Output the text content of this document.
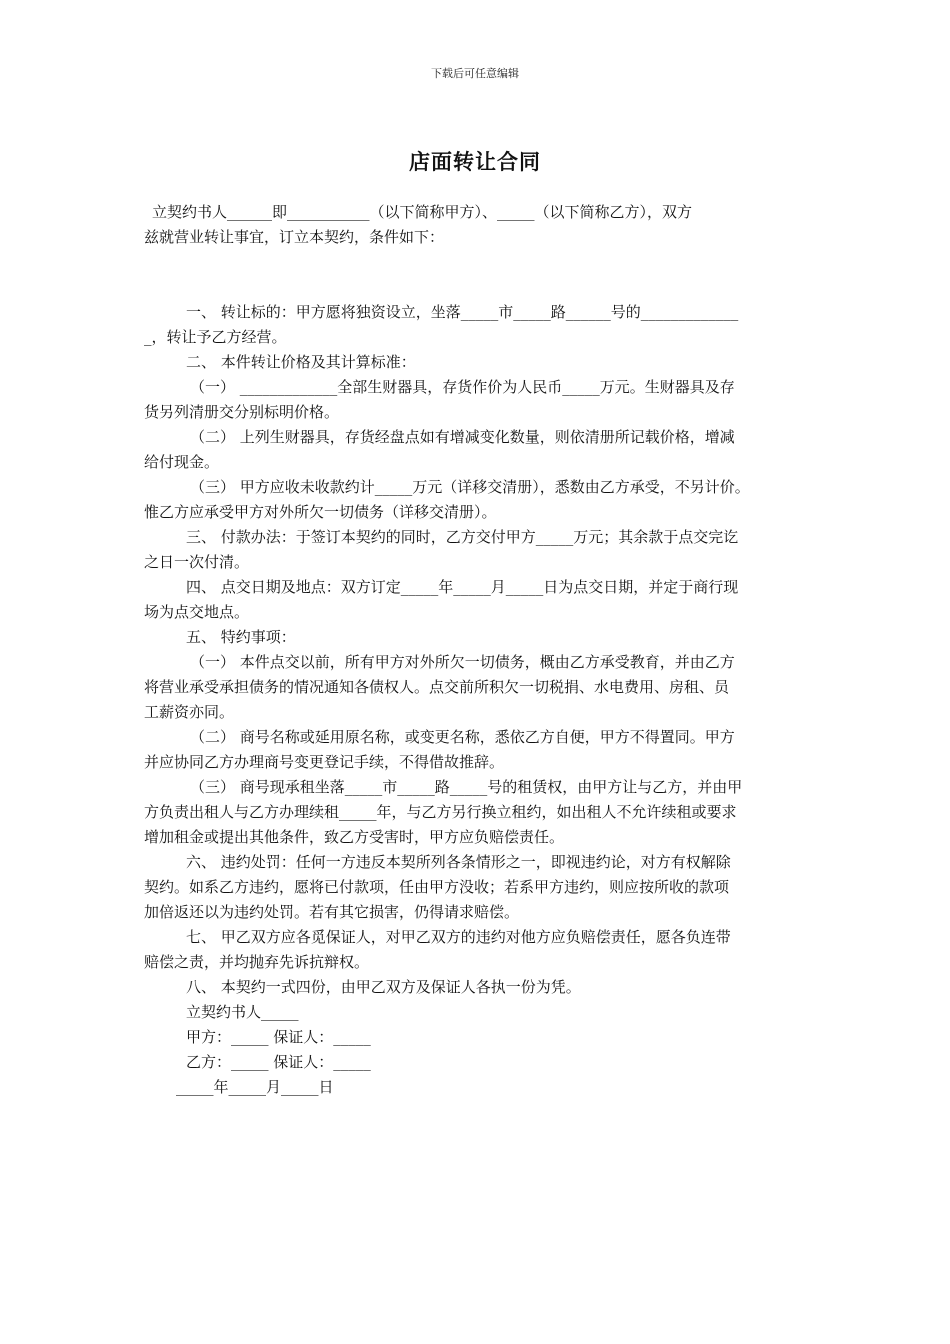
下载后可任意编辑
店面转让合同
立契约书人______即___________（以下简称甲方）、_____（以下简称乙方），双方
兹就营业转让事宜，订立本契约，条件如下：
一、 转让标的：甲方愿将独资设立，坐落_____市_____路______号的_____________
_，转让予乙方经营。
二、 本件转让价格及其计算标准：
（一） _____________全部生财器具，存货作价为人民币_____万元。生财器具及存
货另列清册交分别标明价格。
（二） 上列生财器具，存货经盘点如有增减变化数量，则依清册所记载价格，增减
给付现金。
（三） 甲方应收未收款约计_____万元（详移交清册），悉数由乙方承受，不另计价。
惟乙方应承受甲方对外所欠一切债务（详移交清册）。
三、 付款办法：于签订本契约的同时，乙方交付甲方_____万元；其余款于点交完讫
之日一次付清。
四、 点交日期及地点：双方订定_____年_____月_____日为点交日期，并定于商行现
场为点交地点。
五、 特约事项：
（一） 本件点交以前，所有甲方对外所欠一切债务，概由乙方承受教育，并由乙方
将营业承受承担债务的情况通知各债权人。点交前所积欠一切税捐、水电费用、房租、员
工薪资亦同。
（二） 商号名称或延用原名称，或变更名称，悉依乙方自便，甲方不得置同。甲方
并应协同乙方办理商号变更登记手续，不得借故推辞。
（三） 商号现承租坐落_____市_____路_____号的租赁权，由甲方让与乙方，并由甲
方负责出租人与乙方办理续租_____年，与乙方另行换立租约，如出租人不允许续租或要求
增加租金或提出其他条件，致乙方受害时，甲方应负赔偿责任。
六、 违约处罚：任何一方违反本契所列各条情形之一，即视违约论，对方有权解除
契约。如系乙方违约，愿将已付款项，任由甲方没收；若系甲方违约，则应按所收的款项
加倍返还以为违约处罚。若有其它损害，仍得请求赔偿。
七、 甲乙双方应各觅保证人，对甲乙双方的违约对他方应负赔偿责任，愿各负连带
赔偿之责，并均抛弃先诉抗辩权。
八、 本契约一式四份，由甲乙双方及保证人各执一份为凭。
立契约书人_____
甲方：_____ 保证人：_____
乙方：_____ 保证人：_____
_____年_____月_____日
